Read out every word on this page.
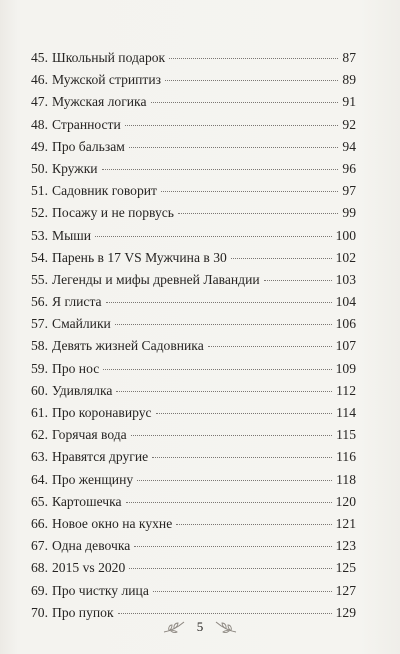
45. Школьный подарок	87
46. Мужской стриптиз	89
47. Мужская логика	91
48. Странности	92
49. Про бальзам	94
50. Кружки	96
51. Садовник говорит	97
52. Посажу и не порвусь	99
53. Мыши	100
54. Парень в 17 VS Мужчина в 30	102
55. Легенды и мифы древней Лавандии	103
56. Я глиста	104
57. Смайлики	106
58. Девять жизней Садовника	107
59. Про нос	109
60. Удивлялка	112
61. Про коронавирус	114
62. Горячая вода	115
63. Нравятся другие	116
64. Про женщину	118
65. Картошечка	120
66. Новое окно на кухне	121
67. Одна девочка	123
68. 2015 vs 2020	125
69. Про чистку лица	127
70. Про пупок	129
5
